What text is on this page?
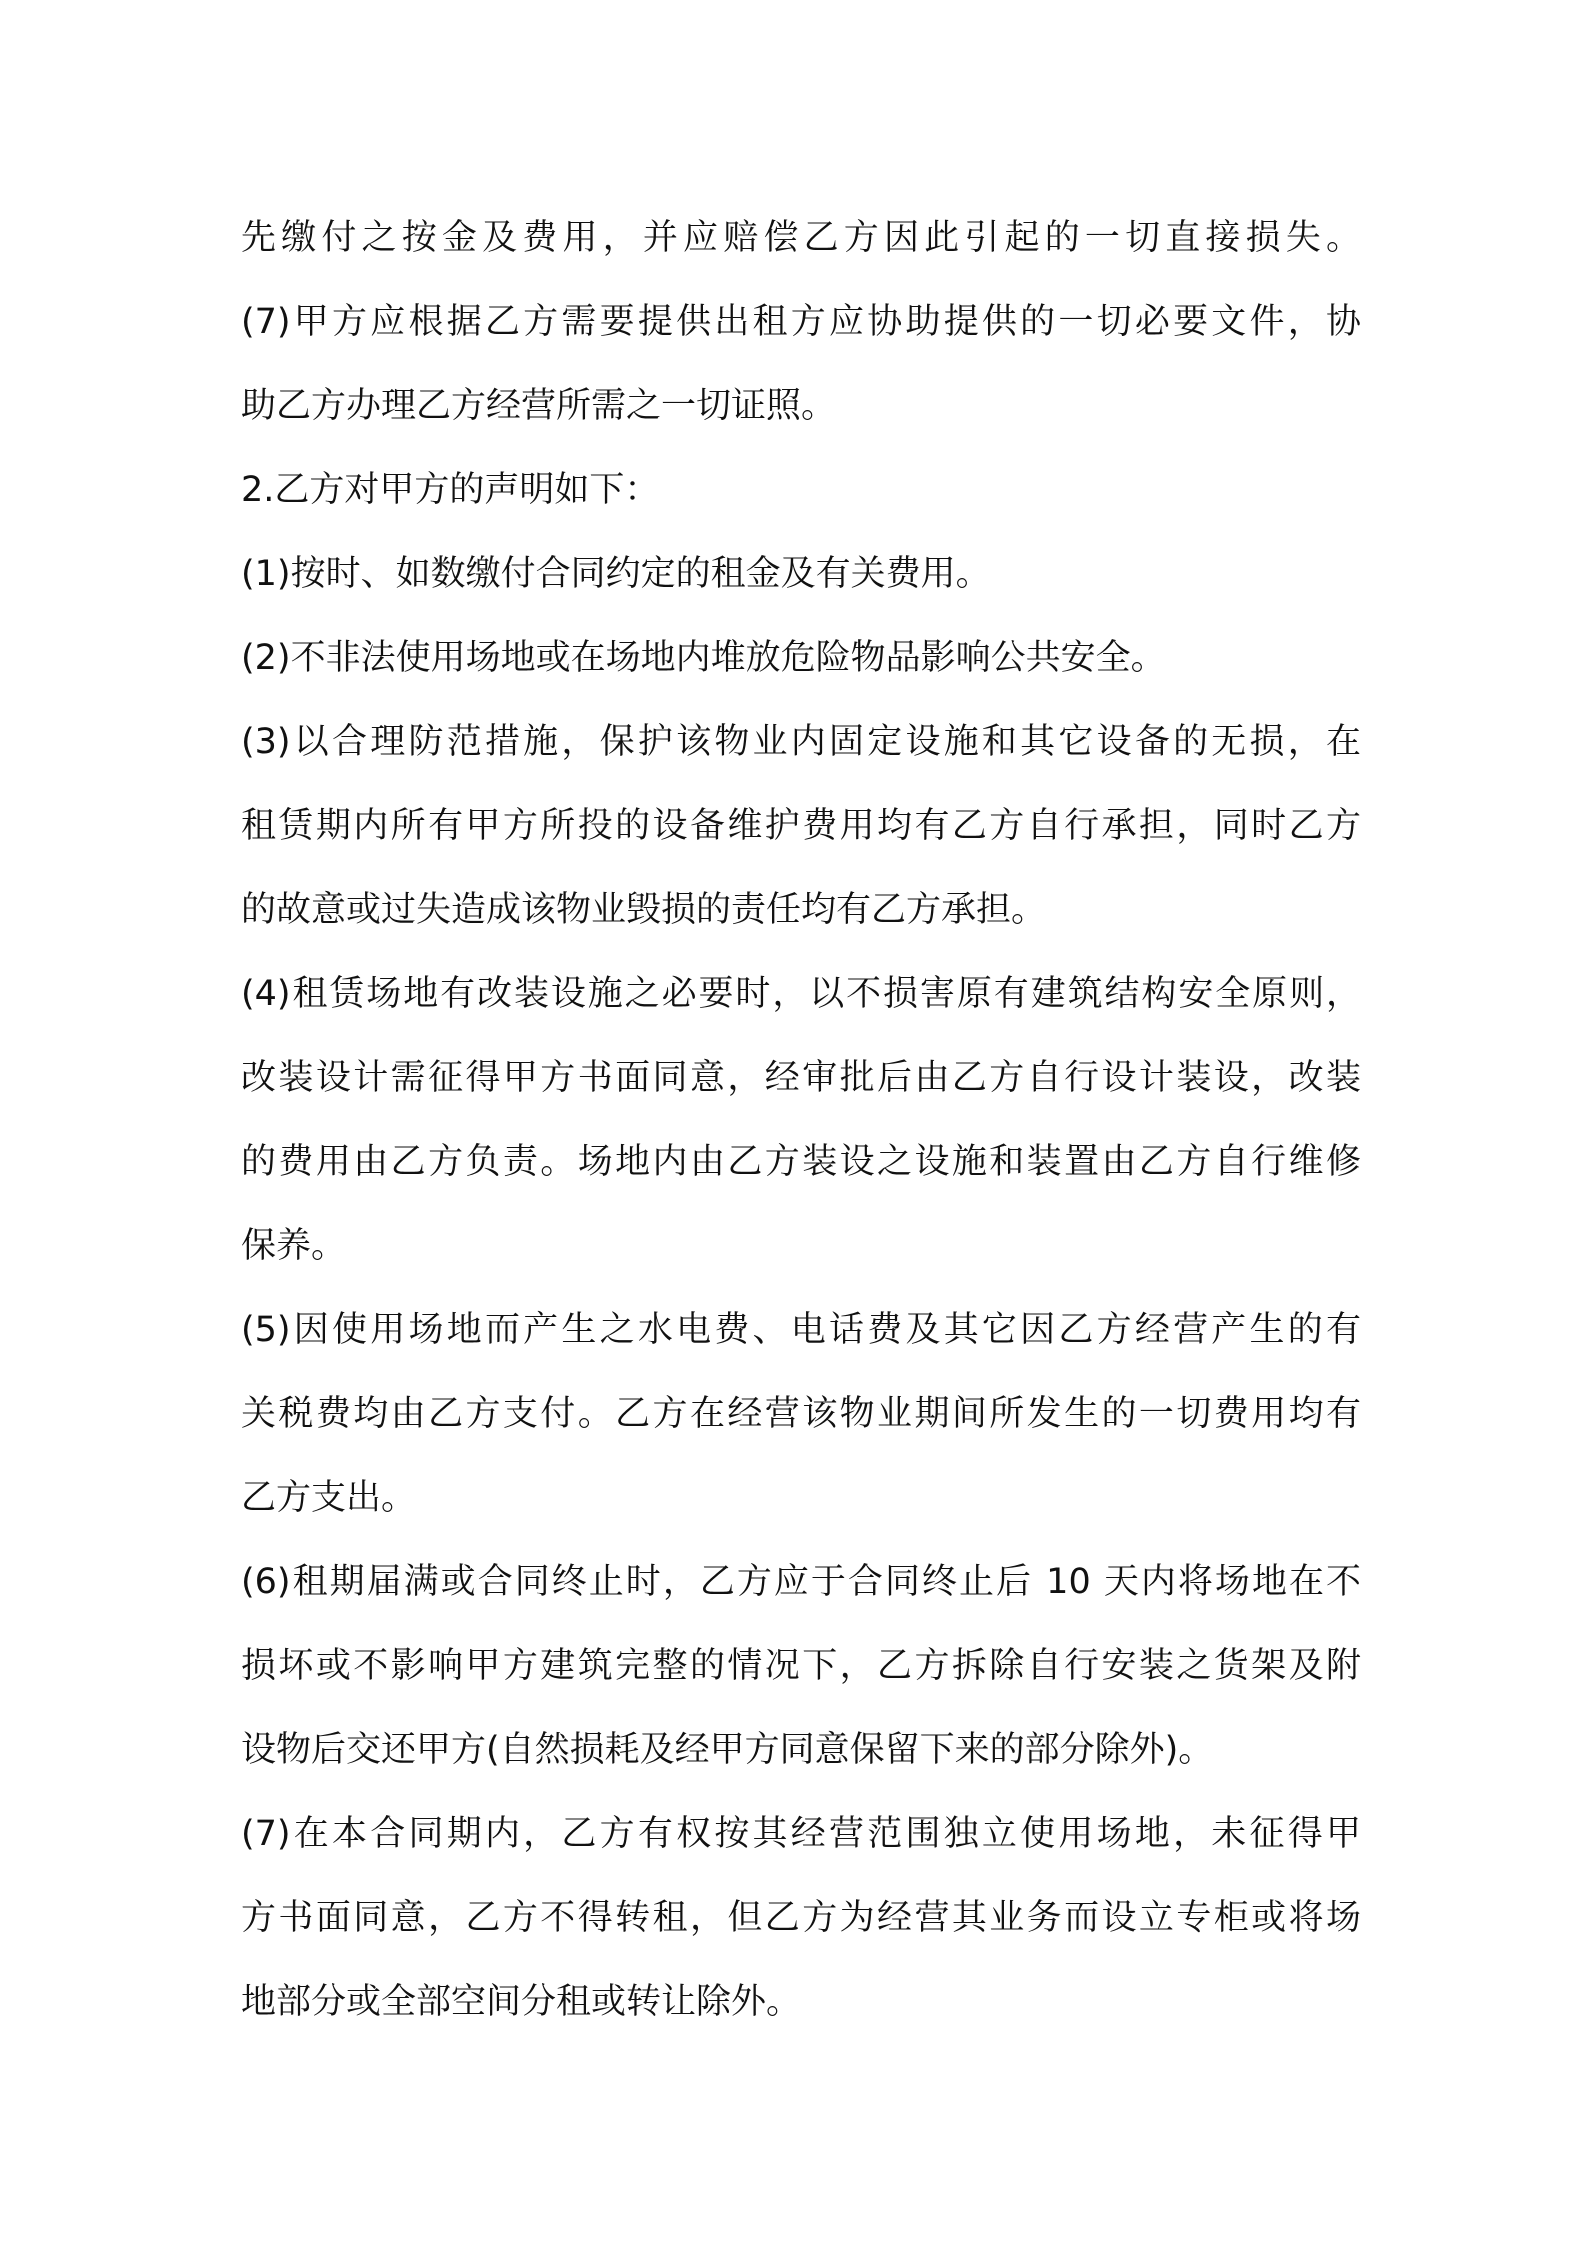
先缴付之按金及费用，并应赔偿乙方因此引起的一切直接损失。
(7)甲方应根据乙方需要提供出租方应协助提供的一切必要文件，协
助乙方办理乙方经营所需之一切证照。
2.乙方对甲方的声明如下：
(1)按时、如数缴付合同约定的租金及有关费用。
(2)不非法使用场地或在场地内堆放危险物品影响公共安全。
(3)以合理防范措施，保护该物业内固定设施和其它设备的无损，在
租赁期内所有甲方所投的设备维护费用均有乙方自行承担，同时乙方
的故意或过失造成该物业毁损的责任均有乙方承担。
(4)租赁场地有改装设施之必要时，以不损害原有建筑结构安全原则，
改装设计需征得甲方书面同意，经审批后由乙方自行设计装设，改装
的费用由乙方负责。场地内由乙方装设之设施和装置由乙方自行维修
保养。
(5)因使用场地而产生之水电费、电话费及其它因乙方经营产生的有
关税费均由乙方支付。乙方在经营该物业期间所发生的一切费用均有
乙方支出。
(6)租期届满或合同终止时，乙方应于合同终止后 10 天内将场地在不
损坏或不影响甲方建筑完整的情况下，乙方拆除自行安装之货架及附
设物后交还甲方(自然损耗及经甲方同意保留下来的部分除外)。
(7)在本合同期内，乙方有权按其经营范围独立使用场地，未征得甲
方书面同意，乙方不得转租，但乙方为经营其业务而设立专柜或将场
地部分或全部空间分租或转让除外。
